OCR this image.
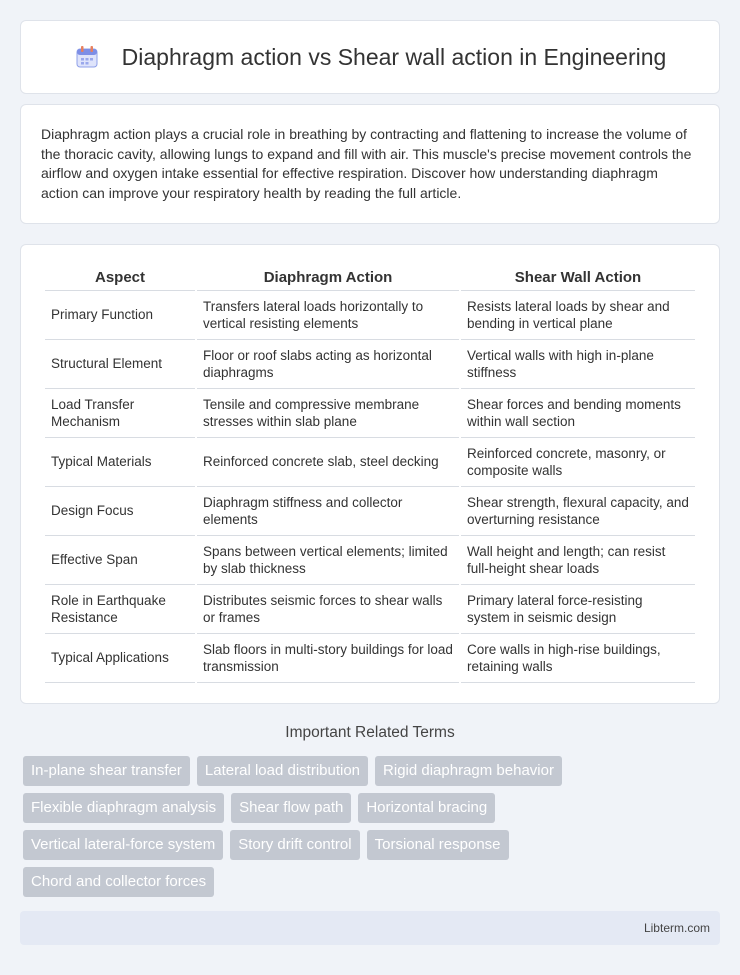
Diaphragm action vs Shear wall action in Engineering

Diaphragm action plays a crucial role in breathing by contracting and flattening to increase the volume of the thoracic cavity, allowing lungs to expand and fill with air. This muscle's precise movement controls the airflow and oxygen intake essential for effective respiration. Discover how understanding diaphragm action can improve your respiratory health by reading the full article.

Aspect	Diaphragm Action	Shear Wall Action
Primary Function	Transfers lateral loads horizontally to vertical resisting elements	Resists lateral loads by shear and bending in vertical plane
Structural Element	Floor or roof slabs acting as horizontal diaphragms	Vertical walls with high in-plane stiffness
Load Transfer Mechanism	Tensile and compressive membrane stresses within slab plane	Shear forces and bending moments within wall section
Typical Materials	Reinforced concrete slab, steel decking	Reinforced concrete, masonry, or composite walls
Design Focus	Diaphragm stiffness and collector elements	Shear strength, flexural capacity, and overturning resistance
Effective Span	Spans between vertical elements; limited by slab thickness	Wall height and length; can resist full-height shear loads
Role in Earthquake Resistance	Distributes seismic forces to shear walls or frames	Primary lateral force-resisting system in seismic design
Typical Applications	Slab floors in multi-story buildings for load transmission	Core walls in high-rise buildings, retaining walls
Important Related Terms
In-plane shear transfer	Lateral load distribution	Rigid diaphragm behavior
Flexible diaphragm analysis	Shear flow path	Horizontal bracing
Vertical lateral-force system	Story drift control	Torsional response
Chord and collector forces
Libterm.com
